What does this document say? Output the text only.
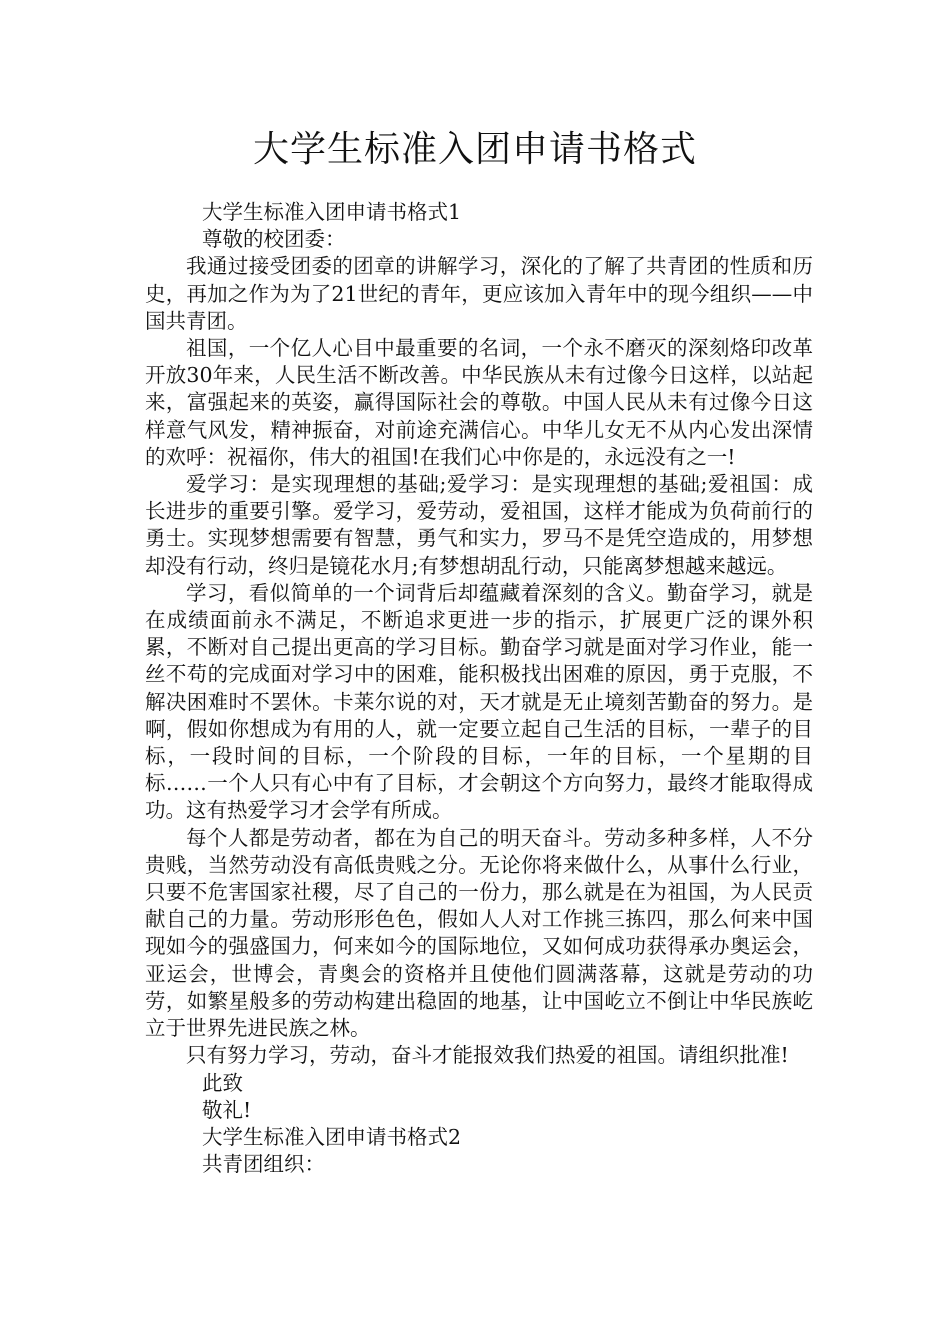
大学生标准入团申请书格式

大学生标准入团申请书格式1

尊敬的校团委：

我通过接受团委的团章的讲解学习，深化的了解了共青团的性质和历史，再加之作为为了21世纪的青年，更应该加入青年中的现今组织——中国共青团。

祖国，一个亿人心目中最重要的名词，一个永不磨灭的深刻烙印改革开放30年来，人民生活不断改善。中华民族从未有过像今日这样，以站起来，富强起来的英姿，赢得国际社会的尊敬。中国人民从未有过像今日这样意气风发，精神振奋，对前途充满信心。中华儿女无不从内心发出深情的欢呼：祝福你，伟大的祖国!在我们心中你是的，永远没有之一!

爱学习：是实现理想的基础;爱学习：是实现理想的基础;爱祖国：成长进步的重要引擎。爱学习，爱劳动，爱祖国，这样才能成为负荷前行的勇士。实现梦想需要有智慧，勇气和实力，罗马不是凭空造成的，用梦想却没有行动，终归是镜花水月;有梦想胡乱行动，只能离梦想越来越远。

学习，看似简单的一个词背后却蕴藏着深刻的含义。勤奋学习，就是在成绩面前永不满足，不断追求更进一步的指示，扩展更广泛的课外积累，不断对自己提出更高的学习目标。勤奋学习就是面对学习作业，能一丝不苟的完成面对学习中的困难，能积极找出困难的原因，勇于克服，不解决困难时不罢休。卡莱尔说的对，天才就是无止境刻苦勤奋的努力。是啊，假如你想成为有用的人，就一定要立起自己生活的目标，一辈子的目标，一段时间的目标，一个阶段的目标，一年的目标，一个星期的目标……一个人只有心中有了目标，才会朝这个方向努力，最终才能取得成功。这有热爱学习才会学有所成。

每个人都是劳动者，都在为自己的明天奋斗。劳动多种多样，人不分贵贱，当然劳动没有高低贵贱之分。无论你将来做什么，从事什么行业，只要不危害国家社稷，尽了自己的一份力，那么就是在为祖国，为人民贡献自己的力量。劳动形形色色，假如人人对工作挑三拣四，那么何来中国现如今的强盛国力，何来如今的国际地位，又如何成功获得承办奥运会，亚运会，世博会，青奥会的资格并且使他们圆满落幕，这就是劳动的功劳，如繁星般多的劳动构建出稳固的地基，让中国屹立不倒让中华民族屹立于世界先进民族之林。

只有努力学习，劳动，奋斗才能报效我们热爱的祖国。请组织批准!

此致

敬礼!

大学生标准入团申请书格式2

共青团组织：
